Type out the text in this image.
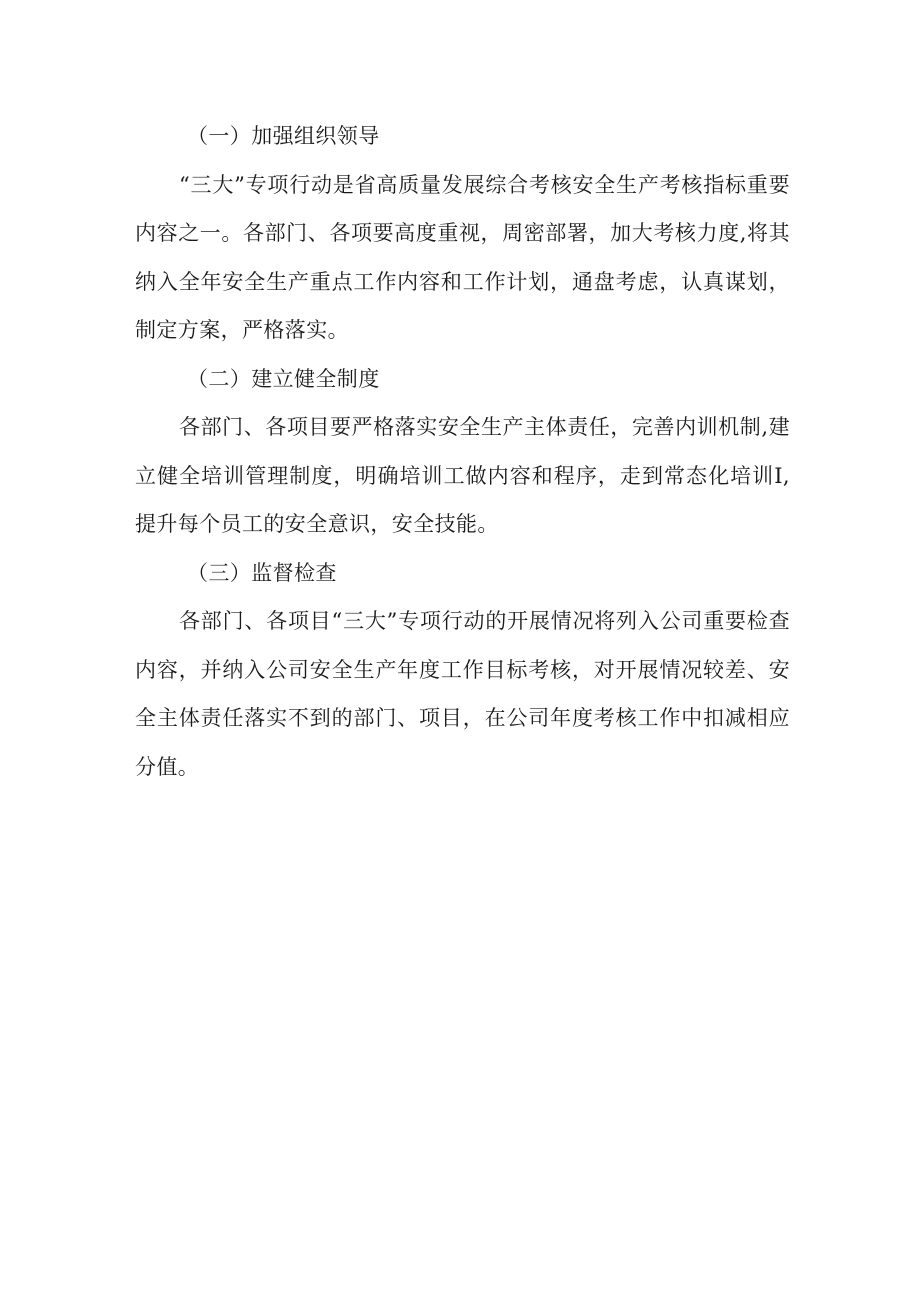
（一）加强组织领导

“三大”专项行动是省高质量发展综合考核安全生产考核指标重要内容之一。各部门、各项要高度重视，周密部署，加大考核力度,将其纳入全年安全生产重点工作内容和工作计划，通盘考虑，认真谋划，制定方案，严格落实。

（二）建立健全制度

各部门、各项目要严格落实安全生产主体责任，完善内训机制,建立健全培训管理制度，明确培训工做内容和程序，走到常态化培训I,提升每个员工的安全意识，安全技能。

（三）监督检查

各部门、各项目“三大”专项行动的开展情况将列入公司重要检查内容，并纳入公司安全生产年度工作目标考核，对开展情况较差、安全主体责任落实不到的部门、项目，在公司年度考核工作中扣减相应分值。
